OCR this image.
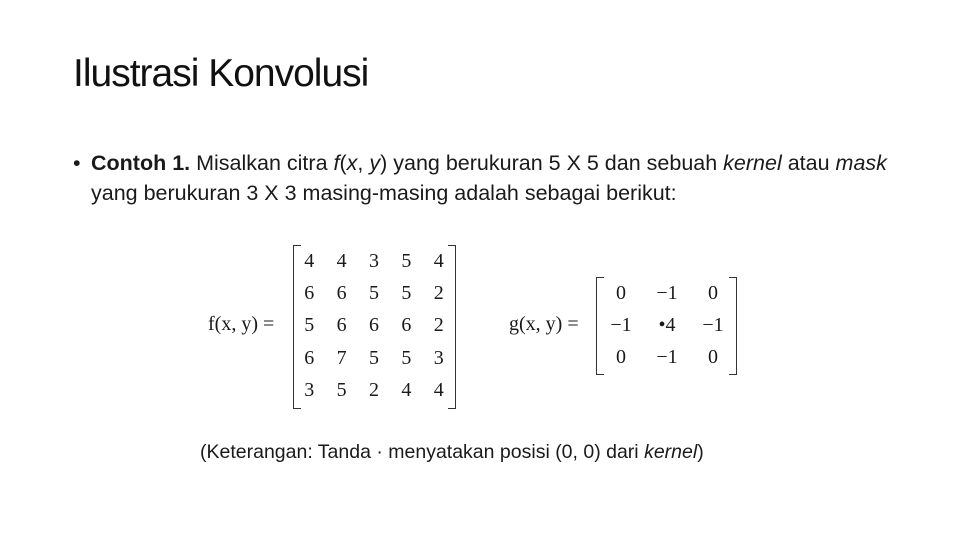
Ilustrasi Konvolusi
• Contoh 1. Misalkan citra f(x, y) yang berukuran 5 X 5 dan sebuah kernel atau mask yang berukuran 3 X 3 masing-masing adalah sebagai berikut:
f(x, y) =
4	4	3	5	4
6	6	5	5	2
5	6	6	6	2
6	7	5	5	3
3	5	2	4	4
g(x, y) =
0	−1	0
−1	•4	−1
0	−1	0
(Keterangan: Tanda · menyatakan posisi (0, 0) dari kernel)
